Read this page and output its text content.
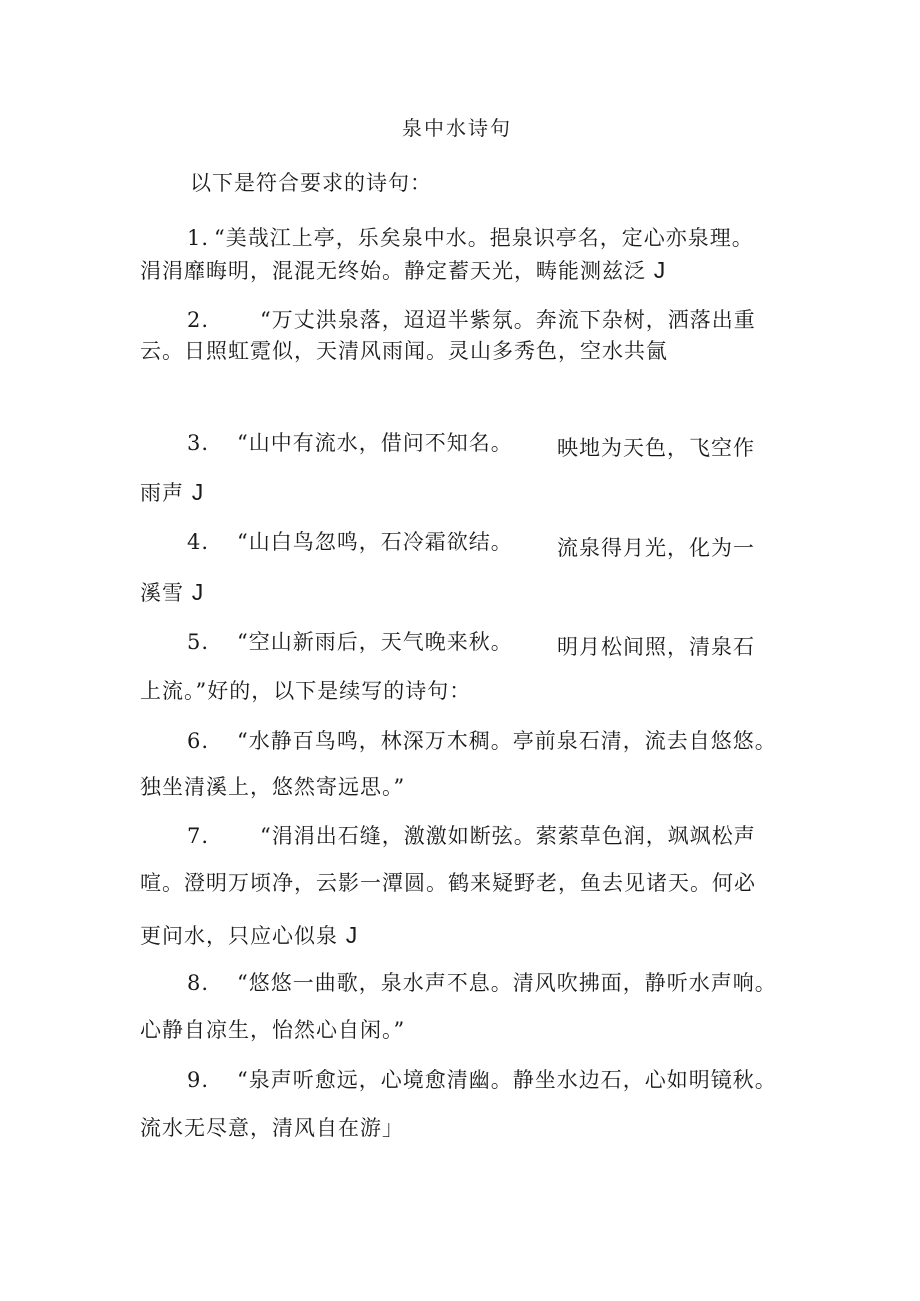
泉中水诗句
以下是符合要求的诗句：
1. “美哉江上亭，乐矣泉中水。挹泉识亭名，定心亦泉理。
涓涓靡晦明，混混无终始。静定蓄天光，畴能测兹泛 J
2. “万丈洪泉落，迢迢半紫氛。奔流下杂树，洒落出重
云。日照虹霓似，天清风雨闻。灵山多秀色，空水共氤
3. “山中有流水，借问不知名。 映地为天色，飞空作
雨声 J
4. “山白鸟忽鸣，石冷霜欲结。 流泉得月光，化为一
溪雪 J
5. “空山新雨后，天气晚来秋。 明月松间照，清泉石
上流。”好的，以下是续写的诗句：
6. “水静百鸟鸣，林深万木稠。亭前泉石清，流去自悠悠。
独坐清溪上，悠然寄远思。”
7. “涓涓出石缝，激激如断弦。萦萦草色润，飒飒松声
喧。澄明万顷净，云影一潭圆。鹤来疑野老，鱼去见诸天。何必
更问水，只应心似泉 J
8. “悠悠一曲歌，泉水声不息。清风吹拂面，静听水声响。
心静自凉生，怡然心自闲。”
9. “泉声听愈远，心境愈清幽。静坐水边石，心如明镜秋。
流水无尽意，清风自在游」
